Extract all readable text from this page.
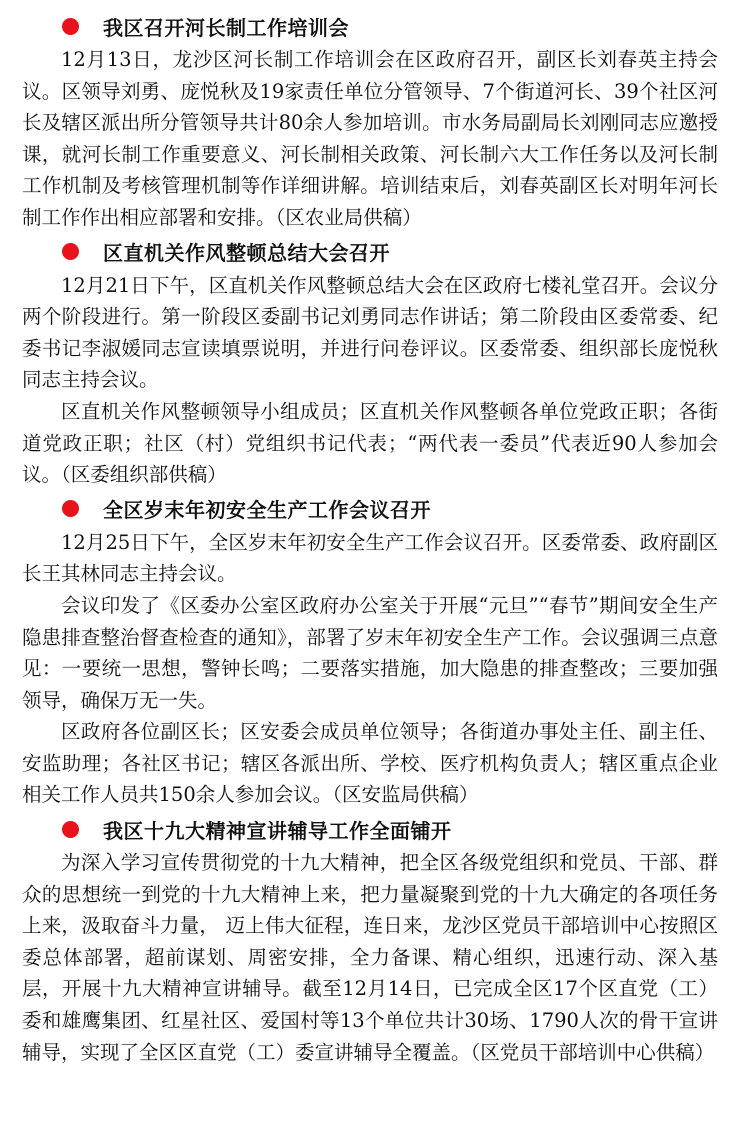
我区召开河长制工作培训会

12月13日，龙沙区河长制工作培训会在区政府召开，副区长刘春英主持会议。区领导刘勇、庞悦秋及19家责任单位分管领导、7个街道河长、39个社区河长及辖区派出所分管领导共计80余人参加培训。市水务局副局长刘刚同志应邀授课，就河长制工作重要意义、河长制相关政策、河长制六大工作任务以及河长制工作机制及考核管理机制等作详细讲解。培训结束后，刘春英副区长对明年河长制工作作出相应部署和安排。（区农业局供稿）

区直机关作风整顿总结大会召开

12月21日下午，区直机关作风整顿总结大会在区政府七楼礼堂召开。会议分两个阶段进行。第一阶段区委副书记刘勇同志作讲话；第二阶段由区委常委、纪委书记李淑媛同志宣读填票说明，并进行问卷评议。区委常委、组织部长庞悦秋同志主持会议。

区直机关作风整顿领导小组成员；区直机关作风整顿各单位党政正职；各街道党政正职；社区（村）党组织书记代表；“两代表一委员”代表近90人参加会议。（区委组织部供稿）

全区岁末年初安全生产工作会议召开

12月25日下午，全区岁末年初安全生产工作会议召开。区委常委、政府副区长王其林同志主持会议。

会议印发了《区委办公室区政府办公室关于开展“元旦”“春节”期间安全生产隐患排查整治督查检查的通知》，部署了岁末年初安全生产工作。会议强调三点意见：一要统一思想，警钟长鸣；二要落实措施，加大隐患的排查整改；三要加强领导，确保万无一失。

区政府各位副区长；区安委会成员单位领导；各街道办事处主任、副主任、安监助理；各社区书记；辖区各派出所、学校、医疗机构负责人；辖区重点企业相关工作人员共150余人参加会议。（区安监局供稿）

我区十九大精神宣讲辅导工作全面铺开

为深入学习宣传贯彻党的十九大精神，把全区各级党组织和党员、干部、群众的思想统一到党的十九大精神上来，把力量凝聚到党的十九大确定的各项任务上来，汲取奋斗力量， 迈上伟大征程，连日来，龙沙区党员干部培训中心按照区委总体部署，超前谋划、周密安排，全力备课、精心组织，迅速行动、深入基层，开展十九大精神宣讲辅导。截至12月14日，已完成全区17个区直党（工）委和雄鹰集团、红星社区、爱国村等13个单位共计30场、1790人次的骨干宣讲辅导，实现了全区区直党（工）委宣讲辅导全覆盖。（区党员干部培训中心供稿）
